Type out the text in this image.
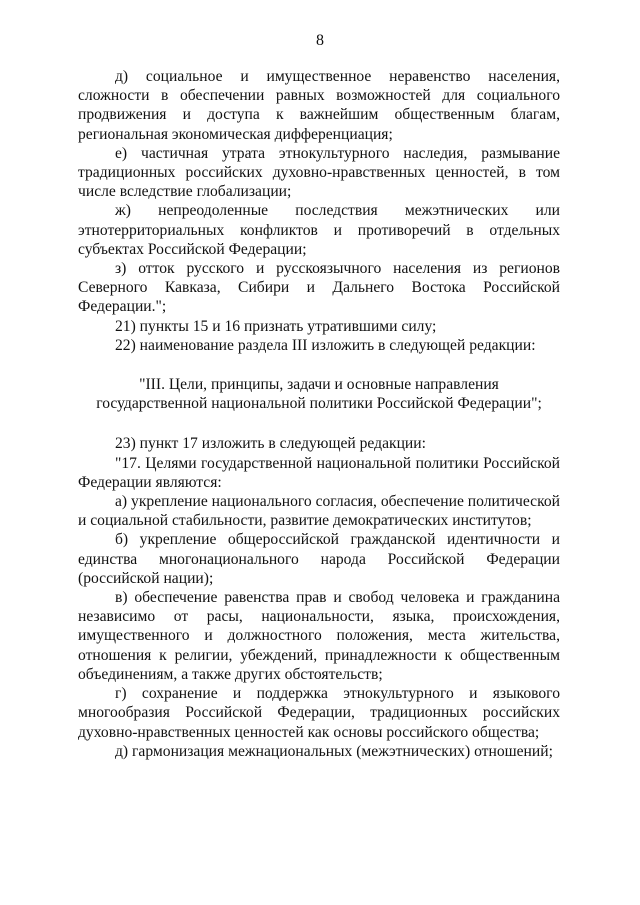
8

д) социальное и имущественное неравенство населения, сложности в обеспечении равных возможностей для социального продвижения и доступа к важнейшим общественным благам, региональная экономическая дифференциация;

е) частичная утрата этнокультурного наследия, размывание традиционных российских духовно-нравственных ценностей, в том числе вследствие глобализации;

ж) непреодоленные последствия межэтнических или этнотерриториальных конфликтов и противоречий в отдельных субъектах Российской Федерации;

з) отток русского и русскоязычного населения из регионов Северного Кавказа, Сибири и Дальнего Востока Российской Федерации.";

21) пункты 15 и 16 признать утратившими силу;

22) наименование раздела III изложить в следующей редакции:

"III. Цели, принципы, задачи и основные направления
государственной национальной политики Российской Федерации";

23) пункт 17 изложить в следующей редакции:

"17. Целями государственной национальной политики Российской Федерации являются:

а) укрепление национального согласия, обеспечение политической и социальной стабильности, развитие демократических институтов;

б) укрепление общероссийской гражданской идентичности и единства многонационального народа Российской Федерации (российской нации);

в) обеспечение равенства прав и свобод человека и гражданина независимо от расы, национальности, языка, происхождения, имущественного и должностного положения, места жительства, отношения к религии, убеждений, принадлежности к общественным объединениям, а также других обстоятельств;

г) сохранение и поддержка этнокультурного и языкового многообразия Российской Федерации, традиционных российских духовно-нравственных ценностей как основы российского общества;

д) гармонизация межнациональных (межэтнических) отношений;
